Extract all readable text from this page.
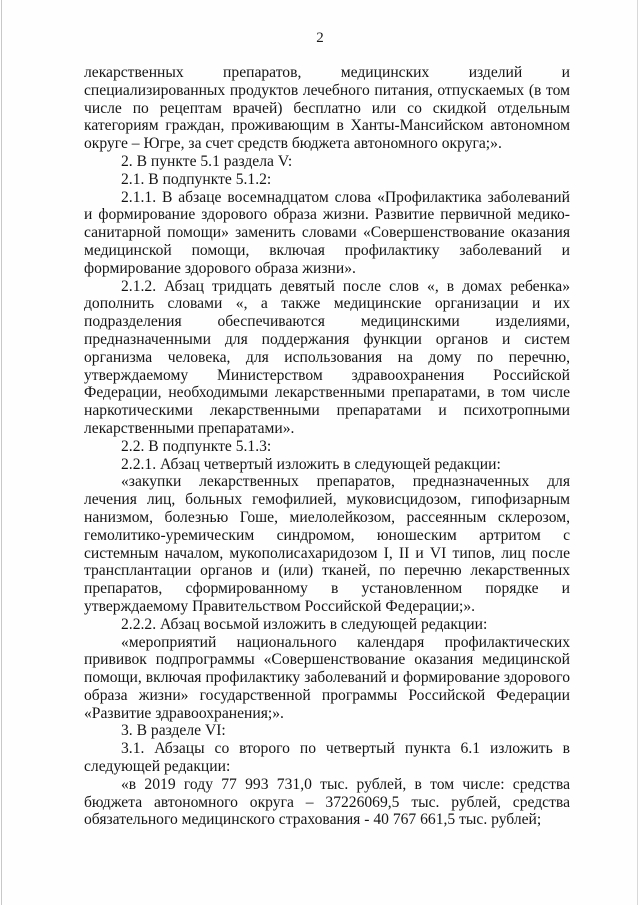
2

лекарственных препаратов, медицинских изделий и специализированных продуктов лечебного питания, отпускаемых (в том числе по рецептам врачей) бесплатно или со скидкой отдельным категориям граждан, проживающим в Ханты-Мансийском автономном округе – Югре, за счет средств бюджета автономного округа;».

2. В пункте 5.1 раздела V:

2.1. В подпункте 5.1.2:

2.1.1. В абзаце восемнадцатом слова «Профилактика заболеваний и формирование здорового образа жизни. Развитие первичной медико-санитарной помощи» заменить словами «Совершенствование оказания медицинской помощи, включая профилактику заболеваний и формирование здорового образа жизни».

2.1.2. Абзац тридцать девятый после слов «, в домах ребенка» дополнить словами «, а также медицинские организации и их подразделения обеспечиваются медицинскими изделиями, предназначенными для поддержания функции органов и систем организма человека, для использования на дому по перечню, утверждаемому Министерством здравоохранения Российской Федерации, необходимыми лекарственными препаратами, в том числе наркотическими лекарственными препаратами и психотропными лекарственными препаратами».

2.2. В подпункте 5.1.3:

2.2.1. Абзац четвертый изложить в следующей редакции:

«закупки лекарственных препаратов, предназначенных для лечения лиц, больных гемофилией, муковисцидозом, гипофизарным нанизмом, болезнью Гоше, миелолейкозом, рассеянным склерозом, гемолитико-уремическим синдромом, юношеским артритом с системным началом, мукополисахаридозом I, II и VI типов, лиц после трансплантации органов и (или) тканей, по перечню лекарственных препаратов, сформированному в установленном порядке и утверждаемому Правительством Российской Федерации;».

2.2.2. Абзац восьмой изложить в следующей редакции:

«мероприятий национального календаря профилактических прививок подпрограммы «Совершенствование оказания медицинской помощи, включая профилактику заболеваний и формирование здорового образа жизни» государственной программы Российской Федерации «Развитие здравоохранения;».

3. В разделе VI:

3.1. Абзацы со второго по четвертый пункта 6.1 изложить в следующей редакции:

«в 2019 году 77 993 731,0 тыс. рублей, в том числе: средства бюджета автономного округа – 37226069,5 тыс. рублей, средства обязательного медицинского страхования - 40 767 661,5 тыс. рублей;
